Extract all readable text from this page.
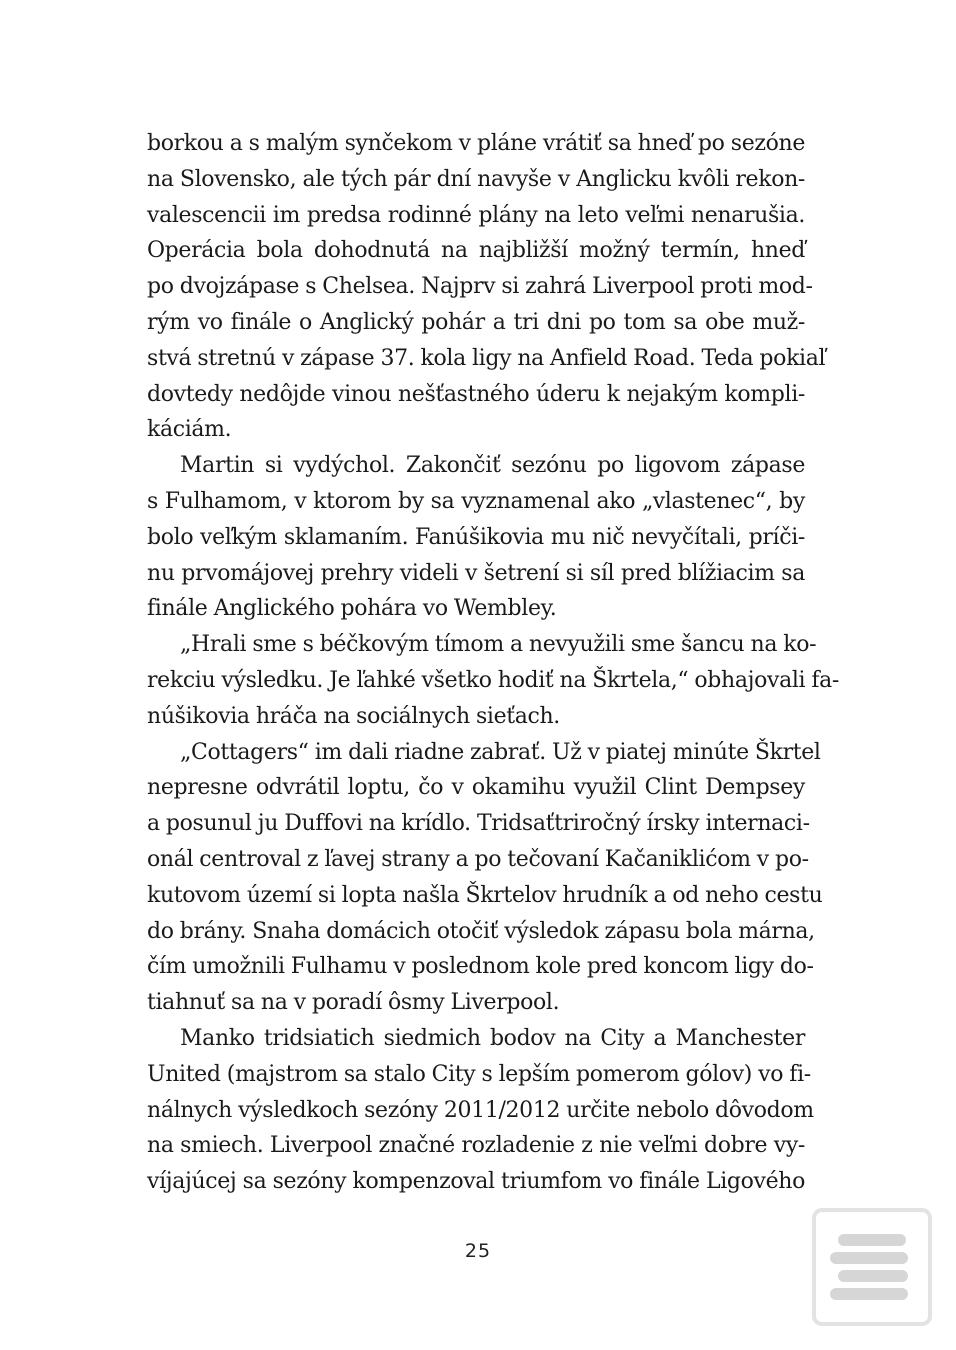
borkou a s malým synčekom v pláne vrátiť sa hneď po sezóne
na Slovensko, ale tých pár dní navyše v Anglicku kvôli rekon-
valescencii im predsa rodinné plány na leto veľmi nenarušia.
Operácia bola dohodnutá na najbližší možný termín, hneď
po dvojzápase s Chelsea. Najprv si zahrá Liverpool proti mod-
rým vo finále o Anglický pohár a tri dni po tom sa obe muž-
stvá stretnú v zápase 37. kola ligy na Anfield Road. Teda pokiaľ
dovtedy nedôjde vinou nešťastného úderu k nejakým kompli-
káciám.
Martin si vydýchol. Zakončiť sezónu po ligovom zápase
s Fulhamom, v ktorom by sa vyznamenal ako „vlastenec“, by
bolo veľkým sklamaním. Fanúšikovia mu nič nevyčítali, príči-
nu prvomájovej prehry videli v šetrení si síl pred blížiacim sa
finále Anglického pohára vo Wembley.
„Hrali sme s béčkovým tímom a nevyužili sme šancu na ko-
rekciu výsledku. Je ľahké všetko hodiť na Škrtela,“ obhajovali fa-
núšikovia hráča na sociálnych sieťach.
„Cottagers“ im dali riadne zabrať. Už v piatej minúte Škrtel
nepresne odvrátil loptu, čo v okamihu využil Clint Dempsey
a posunul ju Duffovi na krídlo. Tridsaťtriročný írsky internaci-
onál centroval z ľavej strany a po tečovaní Kačaniklićom v po-
kutovom území si lopta našla Škrtelov hrudník a od neho cestu
do brány. Snaha domácich otočiť výsledok zápasu bola márna,
čím umožnili Fulhamu v poslednom kole pred koncom ligy do-
tiahnuť sa na v poradí ôsmy Liverpool.
Manko tridsiatich siedmich bodov na City a Manchester
United (majstrom sa stalo City s lepším pomerom gólov) vo fi-
nálnych výsledkoch sezóny 2011/2012 určite nebolo dôvodom
na smiech. Liverpool značné rozladenie z nie veľmi dobre vy-
víjajúcej sa sezóny kompenzoval triumfom vo finále Ligového
25
